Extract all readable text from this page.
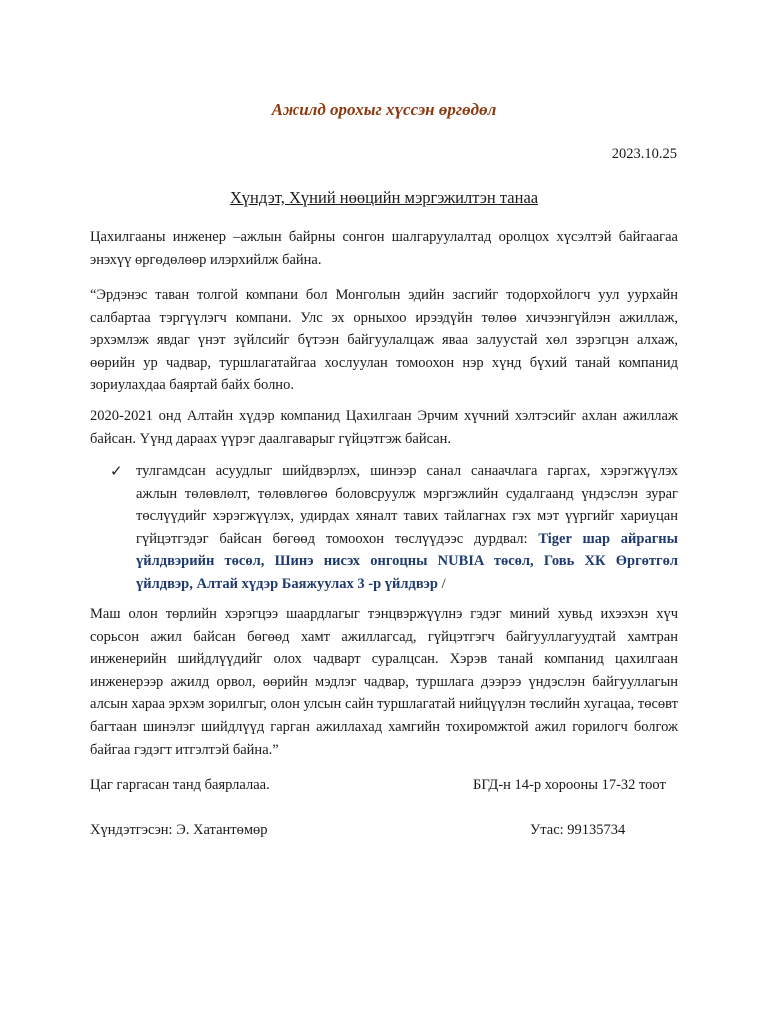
Ажилд орохыг хүссэн өргөдөл
2023.10.25
Хүндэт, Хүний нөөцийн мэргэжилтэн танаа

Цахилгааны инженер –ажлын байрны сонгон шалгаруулалтад оролцох хүсэлтэй байгаагаа энэхүү өргөдөлөөр илэрхийлж байна.

“Эрдэнэс таван толгой компани бол Монголын эдийн засгийг тодорхойлогч уул уурхайн салбартаа тэргүүлэгч компани. Улс эх орныхоо ирээдүйн төлөө хичээнгүйлэн ажиллаж, эрхэмлэж явдаг үнэт зүйлсийг бүтээн байгуулалцаж яваа залуустай хөл зэрэгцэн алхаж, өөрийн ур чадвар, туршлагатайгаа хослуулан томоохон нэр хүнд бүхий танай компанид зориулахдаа баяртай байх болно.

2020-2021 онд Алтайн хүдэр компанид Цахилгаан Эрчим хүчний хэлтэсийг ахлан ажиллаж байсан. Үүнд дараах үүрэг даалгаварыг гүйцэтгэж байсан.

✓ тулгамдсан асуудлыг шийдвэрлэх, шинээр санал санаачлага гаргах, хэрэгжүүлэх ажлын төлөвлөлт, төлөвлөгөө боловсруулж мэргэжлийн судалгаанд үндэслэн зураг төслүүдийг хэрэгжүүлэх, удирдах хяналт тавих тайлагнах гэх мэт үүргийг хариуцан гүйцэтгэдэг байсан бөгөөд томоохон төслүүдээс дурдвал: Tiger шар айрагны үйлдвэрийн төсөл, Шинэ нисэх онгоцны NUBIA төсөл, Говь ХК Өргөтгөл үйлдвэр, Алтай хүдэр Баяжуулах 3 -р үйлдвэр /

Маш олон төрлийн хэрэгцээ шаардлагыг тэнцвэржүүлнэ гэдэг миний хувьд ихээхэн хүч сорьсон ажил байсан бөгөөд хамт ажиллагсад, гүйцэтгэгч байгууллагуудтай хамтран инженерийн шийдлүүдийг олох чадварт суралцсан. Хэрэв танай компанид цахилгаан инженерээр ажилд орвол, өөрийн мэдлэг чадвар, туршлага дээрээ үндэслэн байгууллагын алсын хараа эрхэм зорилгыг, олон улсын сайн туршлагатай нийцүүлэн төслийн хугацаа, төсөвт багтаан шинэлэг шийдлүүд гарган ажиллахад хамгийн тохиромжтой ажил горилогч болгож байгаа гэдэгт итгэлтэй байна.”

Цаг гаргасан танд баярлалаа.	БГД-н 14-р хорооны 17-32 тоот
Хүндэтгэсэн: Э. Хатантөмөр	Утас: 99135734
